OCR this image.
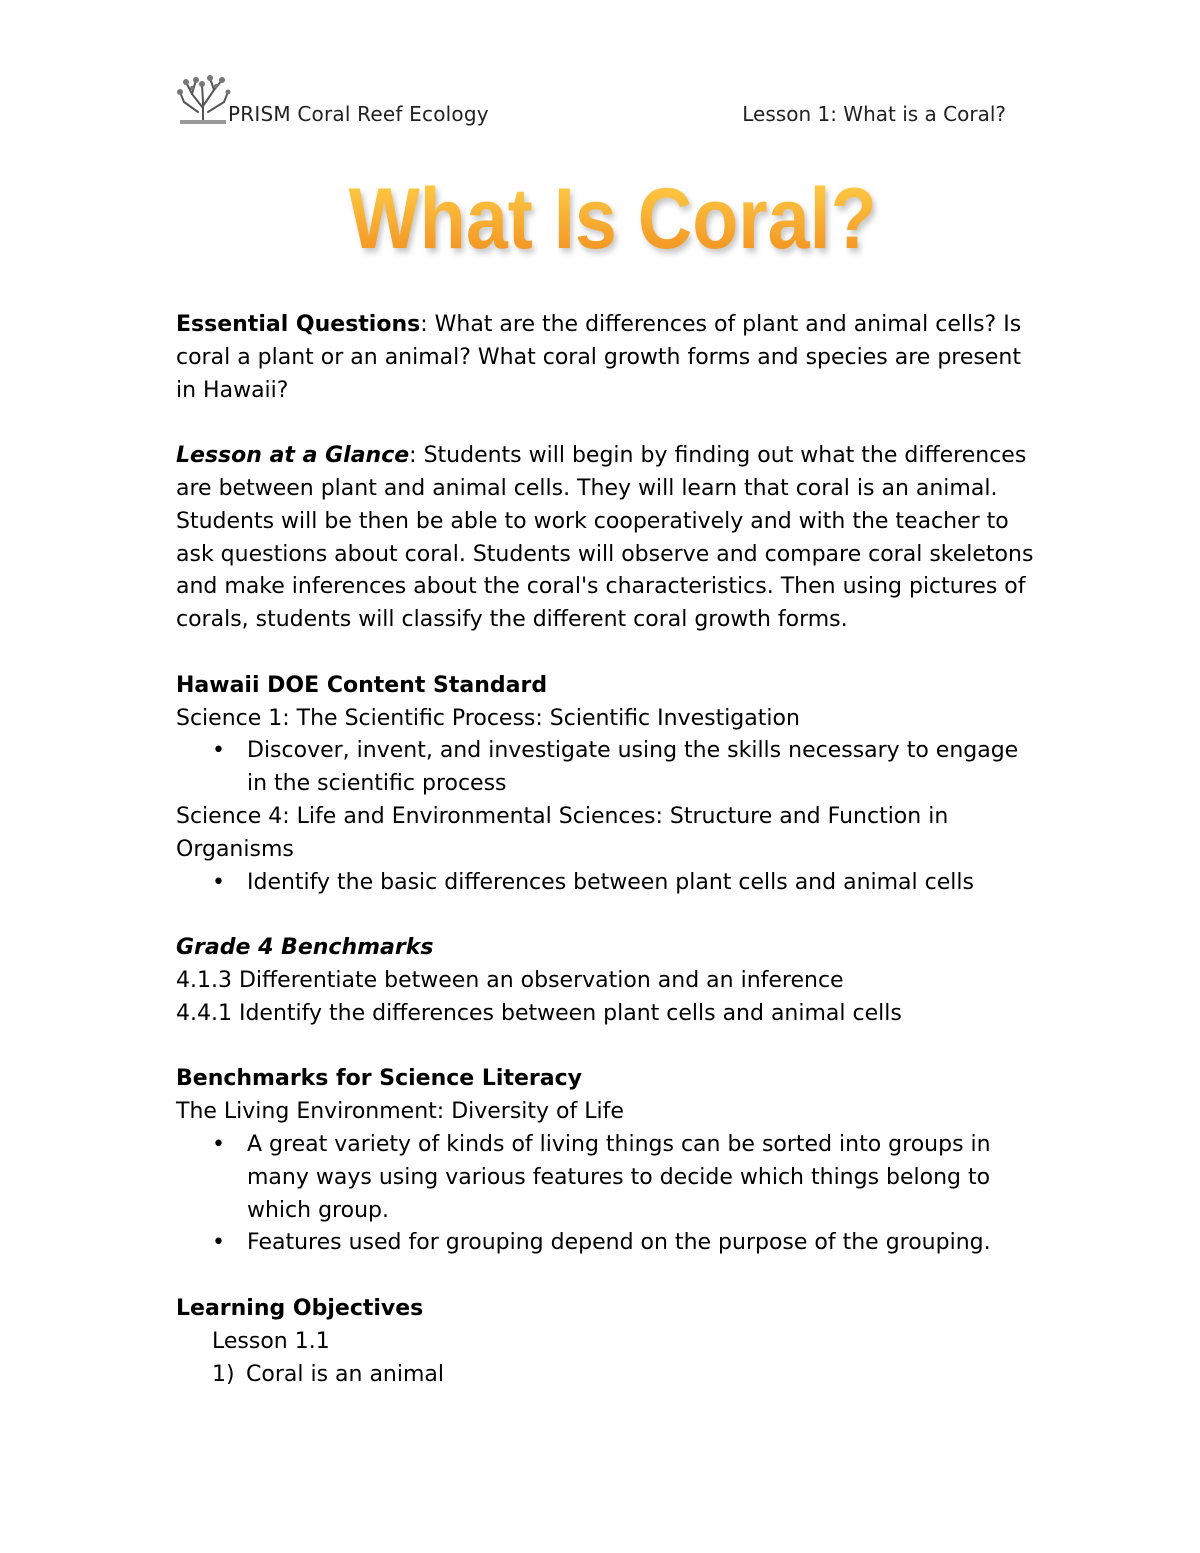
PRISM Coral Reef Ecology	Lesson 1: What is a Coral?
What Is Coral?

Essential Questions: What are the differences of plant and animal cells? Is coral a plant or an animal? What coral growth forms and species are present in Hawaii?

Lesson at a Glance: Students will begin by finding out what the differences are between plant and animal cells. They will learn that coral is an animal. Students will be then be able to work cooperatively and with the teacher to ask questions about coral. Students will observe and compare coral skeletons and make inferences about the coral's characteristics. Then using pictures of corals, students will classify the different coral growth forms.

Hawaii DOE Content Standard
Science 1: The Scientific Process: Scientific Investigation
• Discover, invent, and investigate using the skills necessary to engage in the scientific process
Science 4: Life and Environmental Sciences: Structure and Function in Organisms
• Identify the basic differences between plant cells and animal cells
Grade 4 Benchmarks
4.1.3 Differentiate between an observation and an inference
4.4.1 Identify the differences between plant cells and animal cells
Benchmarks for Science Literacy
The Living Environment: Diversity of Life
• A great variety of kinds of living things can be sorted into groups in many ways using various features to decide which things belong to which group.
• Features used for grouping depend on the purpose of the grouping.
Learning Objectives
Lesson 1.1
1) Coral is an animal
